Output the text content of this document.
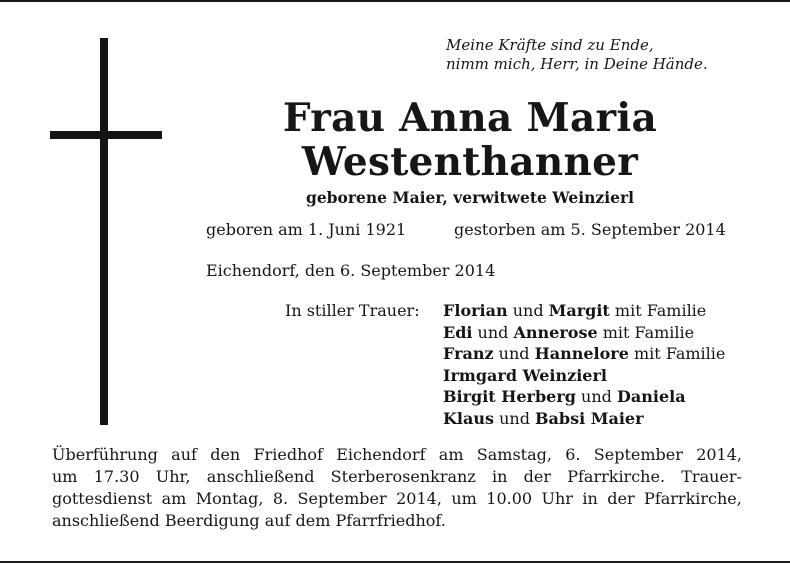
Meine Kräfte sind zu Ende,
nimm mich, Herr, in Deine Hände.
Frau Anna Maria
Westenthanner
geborene Maier, verwitwete Weinzierl
geboren am 1. Juni 1921	gestorben am 5. September 2014
Eichendorf, den 6. September 2014
In stiller Trauer: Florian und Margit mit Familie
Edi und Annerose mit Familie
Franz und Hannelore mit Familie
Irmgard Weinzierl
Birgit Herberg und Daniela
Klaus und Babsi Maier
Überführung auf den Friedhof Eichendorf am Samstag, 6. September 2014,
um 17.30 Uhr, anschließend Sterberosenkranz in der Pfarrkirche. Trauer-
gottesdienst am Montag, 8. September 2014, um 10.00 Uhr in der Pfarrkirche,
anschließend Beerdigung auf dem Pfarrfriedhof.
